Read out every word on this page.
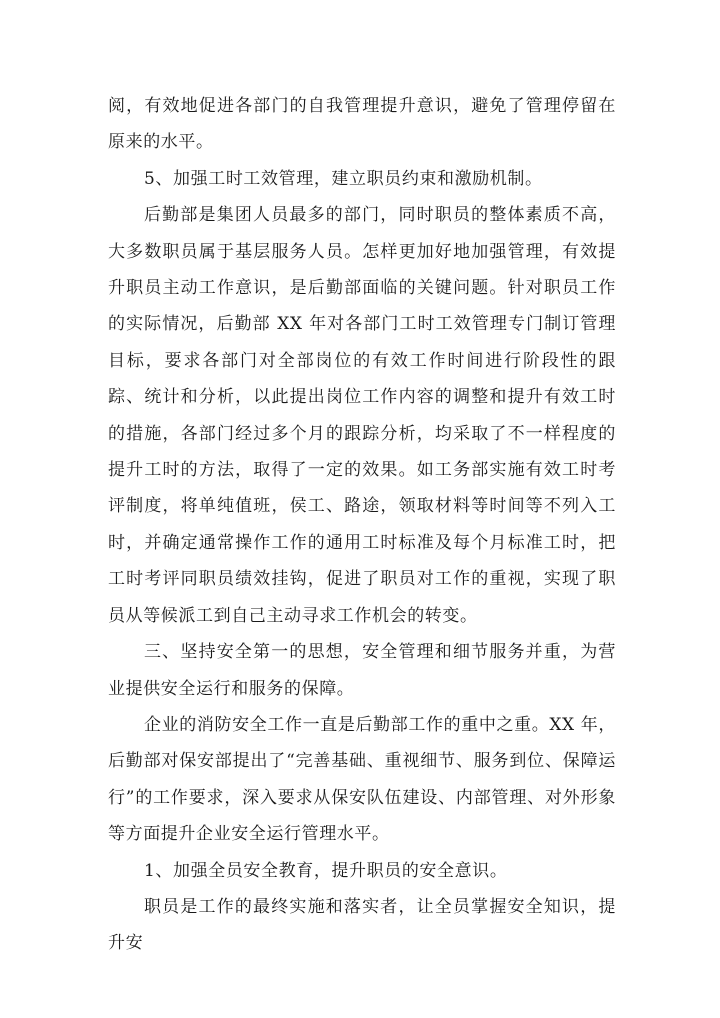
阅，有效地促进各部门的自我管理提升意识，避免了管理停留在原来的水平。

5、加强工时工效管理，建立职员约束和激励机制。

后勤部是集团人员最多的部门，同时职员的整体素质不高，大多数职员属于基层服务人员。怎样更加好地加强管理，有效提升职员主动工作意识，是后勤部面临的关键问题。针对职员工作的实际情况，后勤部 XX 年对各部门工时工效管理专门制订管理目标，要求各部门对全部岗位的有效工作时间进行阶段性的跟踪、统计和分析，以此提出岗位工作内容的调整和提升有效工时的措施，各部门经过多个月的跟踪分析，均采取了不一样程度的提升工时的方法，取得了一定的效果。如工务部实施有效工时考评制度，将单纯值班，侯工、路途，领取材料等时间等不列入工时，并确定通常操作工作的通用工时标准及每个月标准工时，把工时考评同职员绩效挂钩，促进了职员对工作的重视，实现了职员从等候派工到自己主动寻求工作机会的转变。

三、坚持安全第一的思想，安全管理和细节服务并重，为营业提供安全运行和服务的保障。

企业的消防安全工作一直是后勤部工作的重中之重。XX 年，后勤部对保安部提出了“完善基础、重视细节、服务到位、保障运行”的工作要求，深入要求从保安队伍建设、内部管理、对外形象等方面提升企业安全运行管理水平。

1、加强全员安全教育，提升职员的安全意识。

职员是工作的最终实施和落实者，让全员掌握安全知识，提升安
